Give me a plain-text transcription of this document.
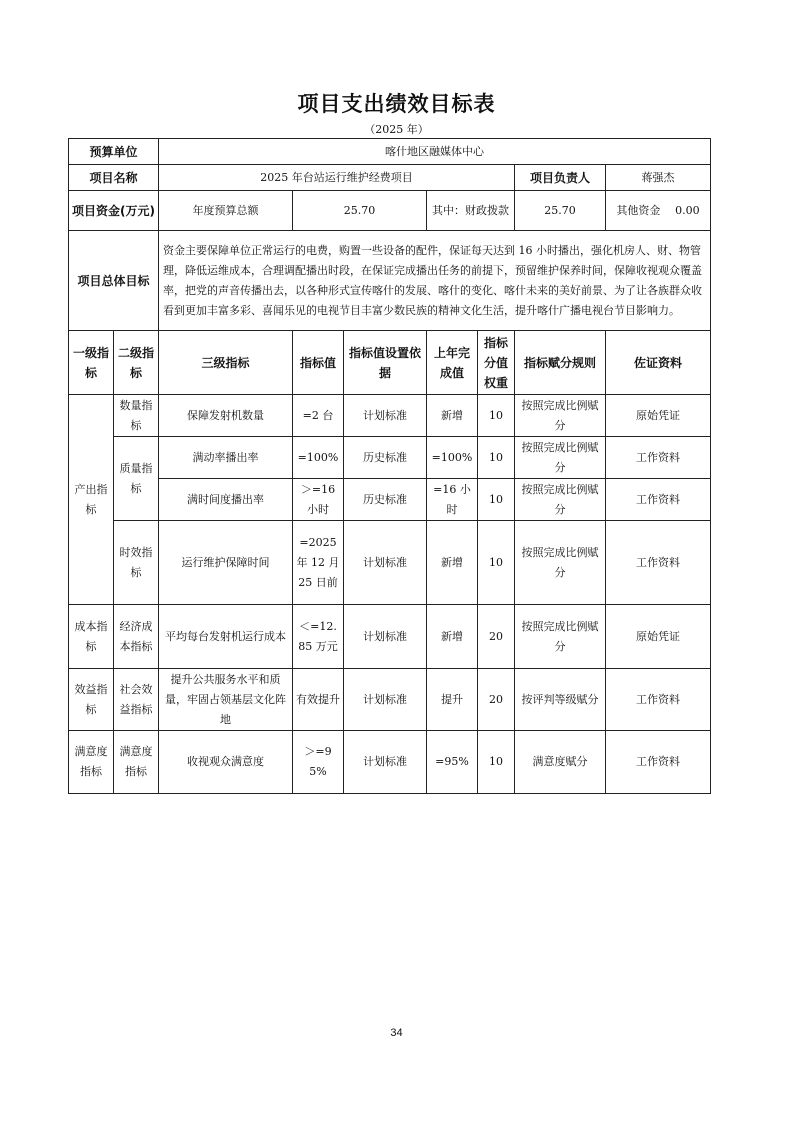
项目支出绩效目标表
（2025 年）
预算单位		喀什地区融媒体中心						
项目名称		2025 年台站运行维护经费项目					项目负责人	蒋强杰
项目资金(万元)		年度预算总额	25.70		其中：财政拨款		25.70	其他资金 0.00

项目总体目标		资金主要保障单位正常运行的电费，购置一些设备的配件，保证每天达到 16 小时播出，强化机房人、财、物管理，降低运维成本，合理调配播出时段，在保证完成播出任务的前提下，预留维护保养时间，保障收视观众覆盖率，把党的声音传播出去，以各种形式宣传喀什的发展、喀什的变化、喀什未来的美好前景、为了让各族群众收看到更加丰富多彩、喜闻乐见的电视节目丰富少数民族的精神文化生活，提升喀什广播电视台节目影响力。						
一级指标	二级指标	三级指标	指标值	指标值设置依据	上年完成值	指标分值权重	指标赋分规则	佐证资料
产出指标	数量指标	保障发射机数量	=2 台	计划标准	新增	10	按照完成比例赋分	原始凭证
	质量指标	满动率播出率	=100%	历史标准	=100%	10	按照完成比例赋分	工作资料
		满时间度播出率	＞=16 小时	历史标准	=16 小时	10	按照完成比例赋分	工作资料
	时效指标	运行维护保障时间	=2025 年 12 月 25 日前	计划标准	新增	10	按照完成比例赋分	工作资料
成本指标	经济成本指标	平均每台发射机运行成本	＜=12.85 万元	计划标准	新增	20	按照完成比例赋分	原始凭证
效益指标	社会效益指标	提升公共服务水平和质量，牢固占领基层文化阵地	有效提升	计划标准	提升	20	按评判等级赋分	工作资料
满意度指标	满意度指标	收视观众满意度	＞=95%	计划标准	=95%	10	满意度赋分	工作资料
34
